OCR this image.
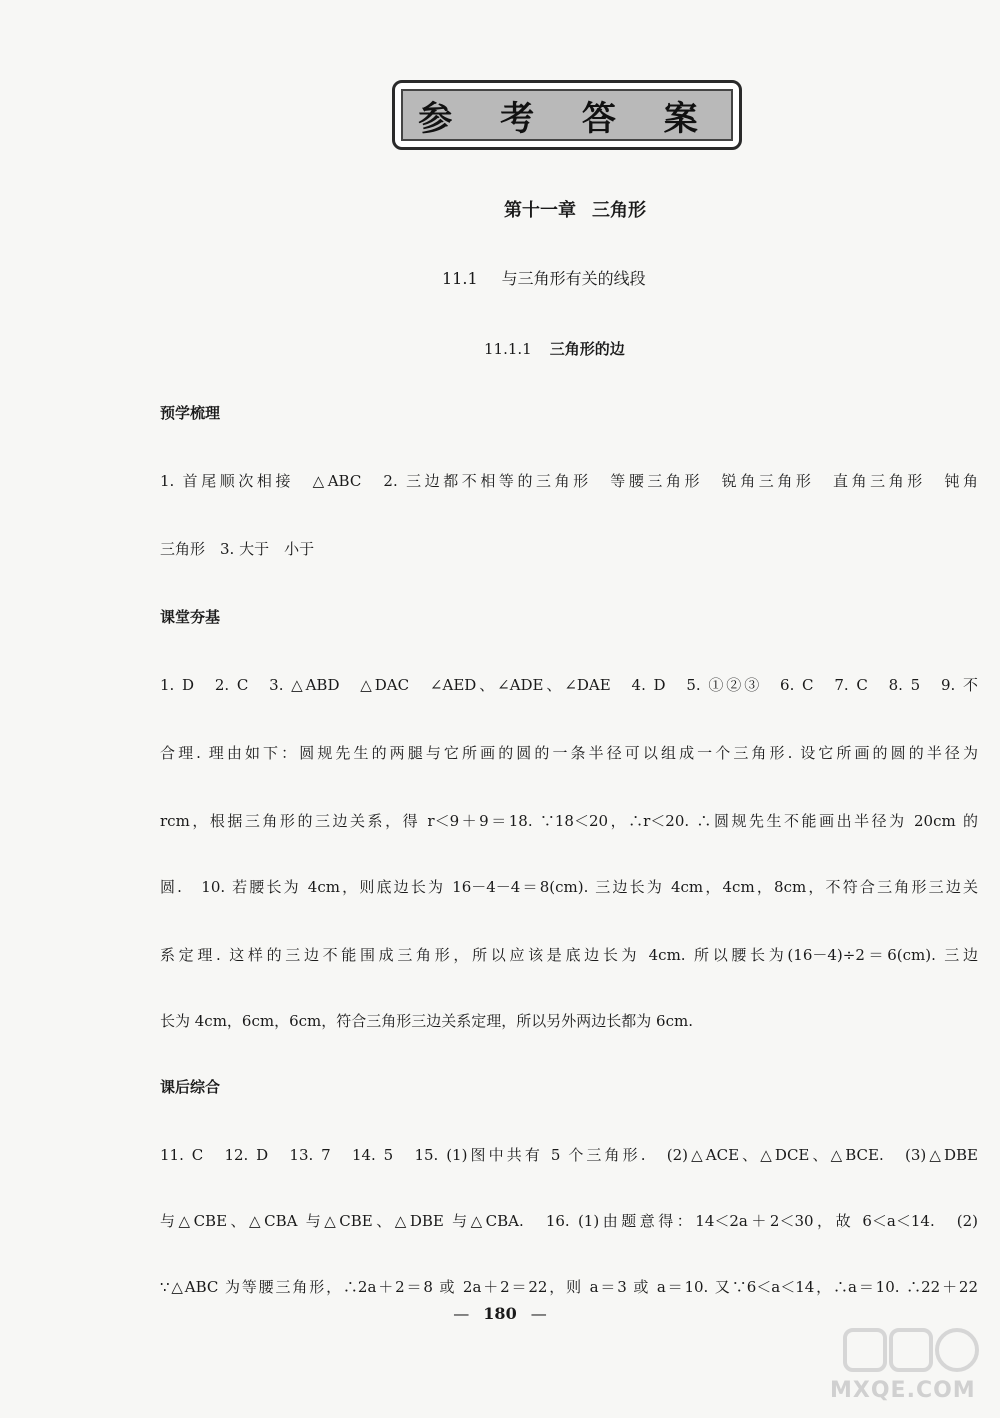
参 考 答 案
第十一章 三角形
11.1 与三角形有关的线段
11.1.1 三角形的边
预学梳理
1. 首尾顺次相接　△ABC　2. 三边都不相等的三角形　等腰三角形　锐角三角形　直角三角形　钝角
三角形　3. 大于　小于
课堂夯基
1. D　2. C　3. △ABD　△DAC　∠AED、∠ADE、∠DAE　4. D　5. ①②③　6. C　7. C　8. 5　9. 不
合理. 理由如下：圆规先生的两腿与它所画的圆的一条半径可以组成一个三角形. 设它所画的圆的半径为
rcm，根据三角形的三边关系，得 r＜9＋9＝18. ∵18＜20，∴r＜20. ∴圆规先生不能画出半径为 20cm 的
圆.　10. 若腰长为 4cm，则底边长为 16－4－4＝8(cm). 三边长为 4cm，4cm，8cm，不符合三角形三边关
系定理. 这样的三边不能围成三角形，所以应该是底边长为 4cm. 所以腰长为(16－4)÷2＝6(cm). 三边
长为 4cm，6cm，6cm，符合三角形三边关系定理，所以另外两边长都为 6cm.
课后综合
11. C　12. D　13. 7　14. 5　15. (1)图中共有 5 个三角形.　(2)△ACE、△DCE、△BCE.　(3)△DBE
与△CBE、△CBA 与△CBE、△DBE 与△CBA.　16. (1)由题意得：14＜2a＋2＜30，故 6＜a＜14.　(2)
∵△ABC 为等腰三角形，∴2a＋2＝8 或 2a＋2＝22，则 a＝3 或 a＝10. 又∵6＜a＜14，∴a＝10. ∴22＋22
— 180 —
MXQE.COM
